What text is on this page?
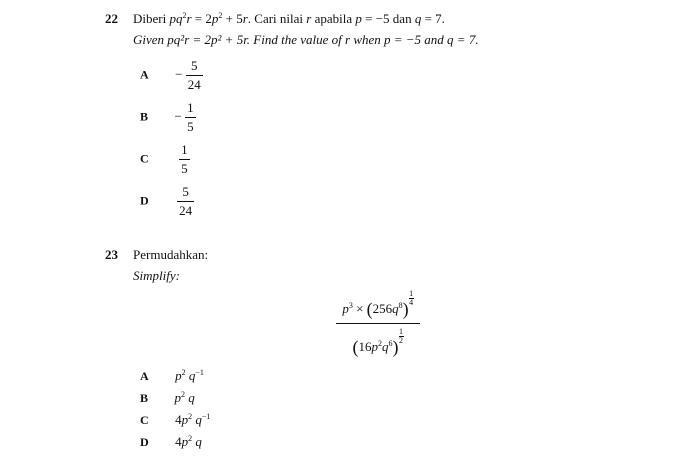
22 Diberi $pq^2r = 2p^2 + 5r$. Cari nilai r apabila p = −5 dan q = 7.
Given pq²r = 2p² + 5r. Find the value of r when p = −5 and q = 7.
$A - \frac{5}{24}$
$B - \frac{1}{5}$
C $\frac{1}{5}$
D $\frac{5}{24}$
23 Permudahkan:
Simplify:
$p^3 \times (256q^8)\frac{1}{4}$
$(16p^2q^6)\frac{1}{2}$
A $p^2$ $q^{-1}$
B $p^2$ q
C $4p^2$ $q^{-1}$
D $4p^2$ q
